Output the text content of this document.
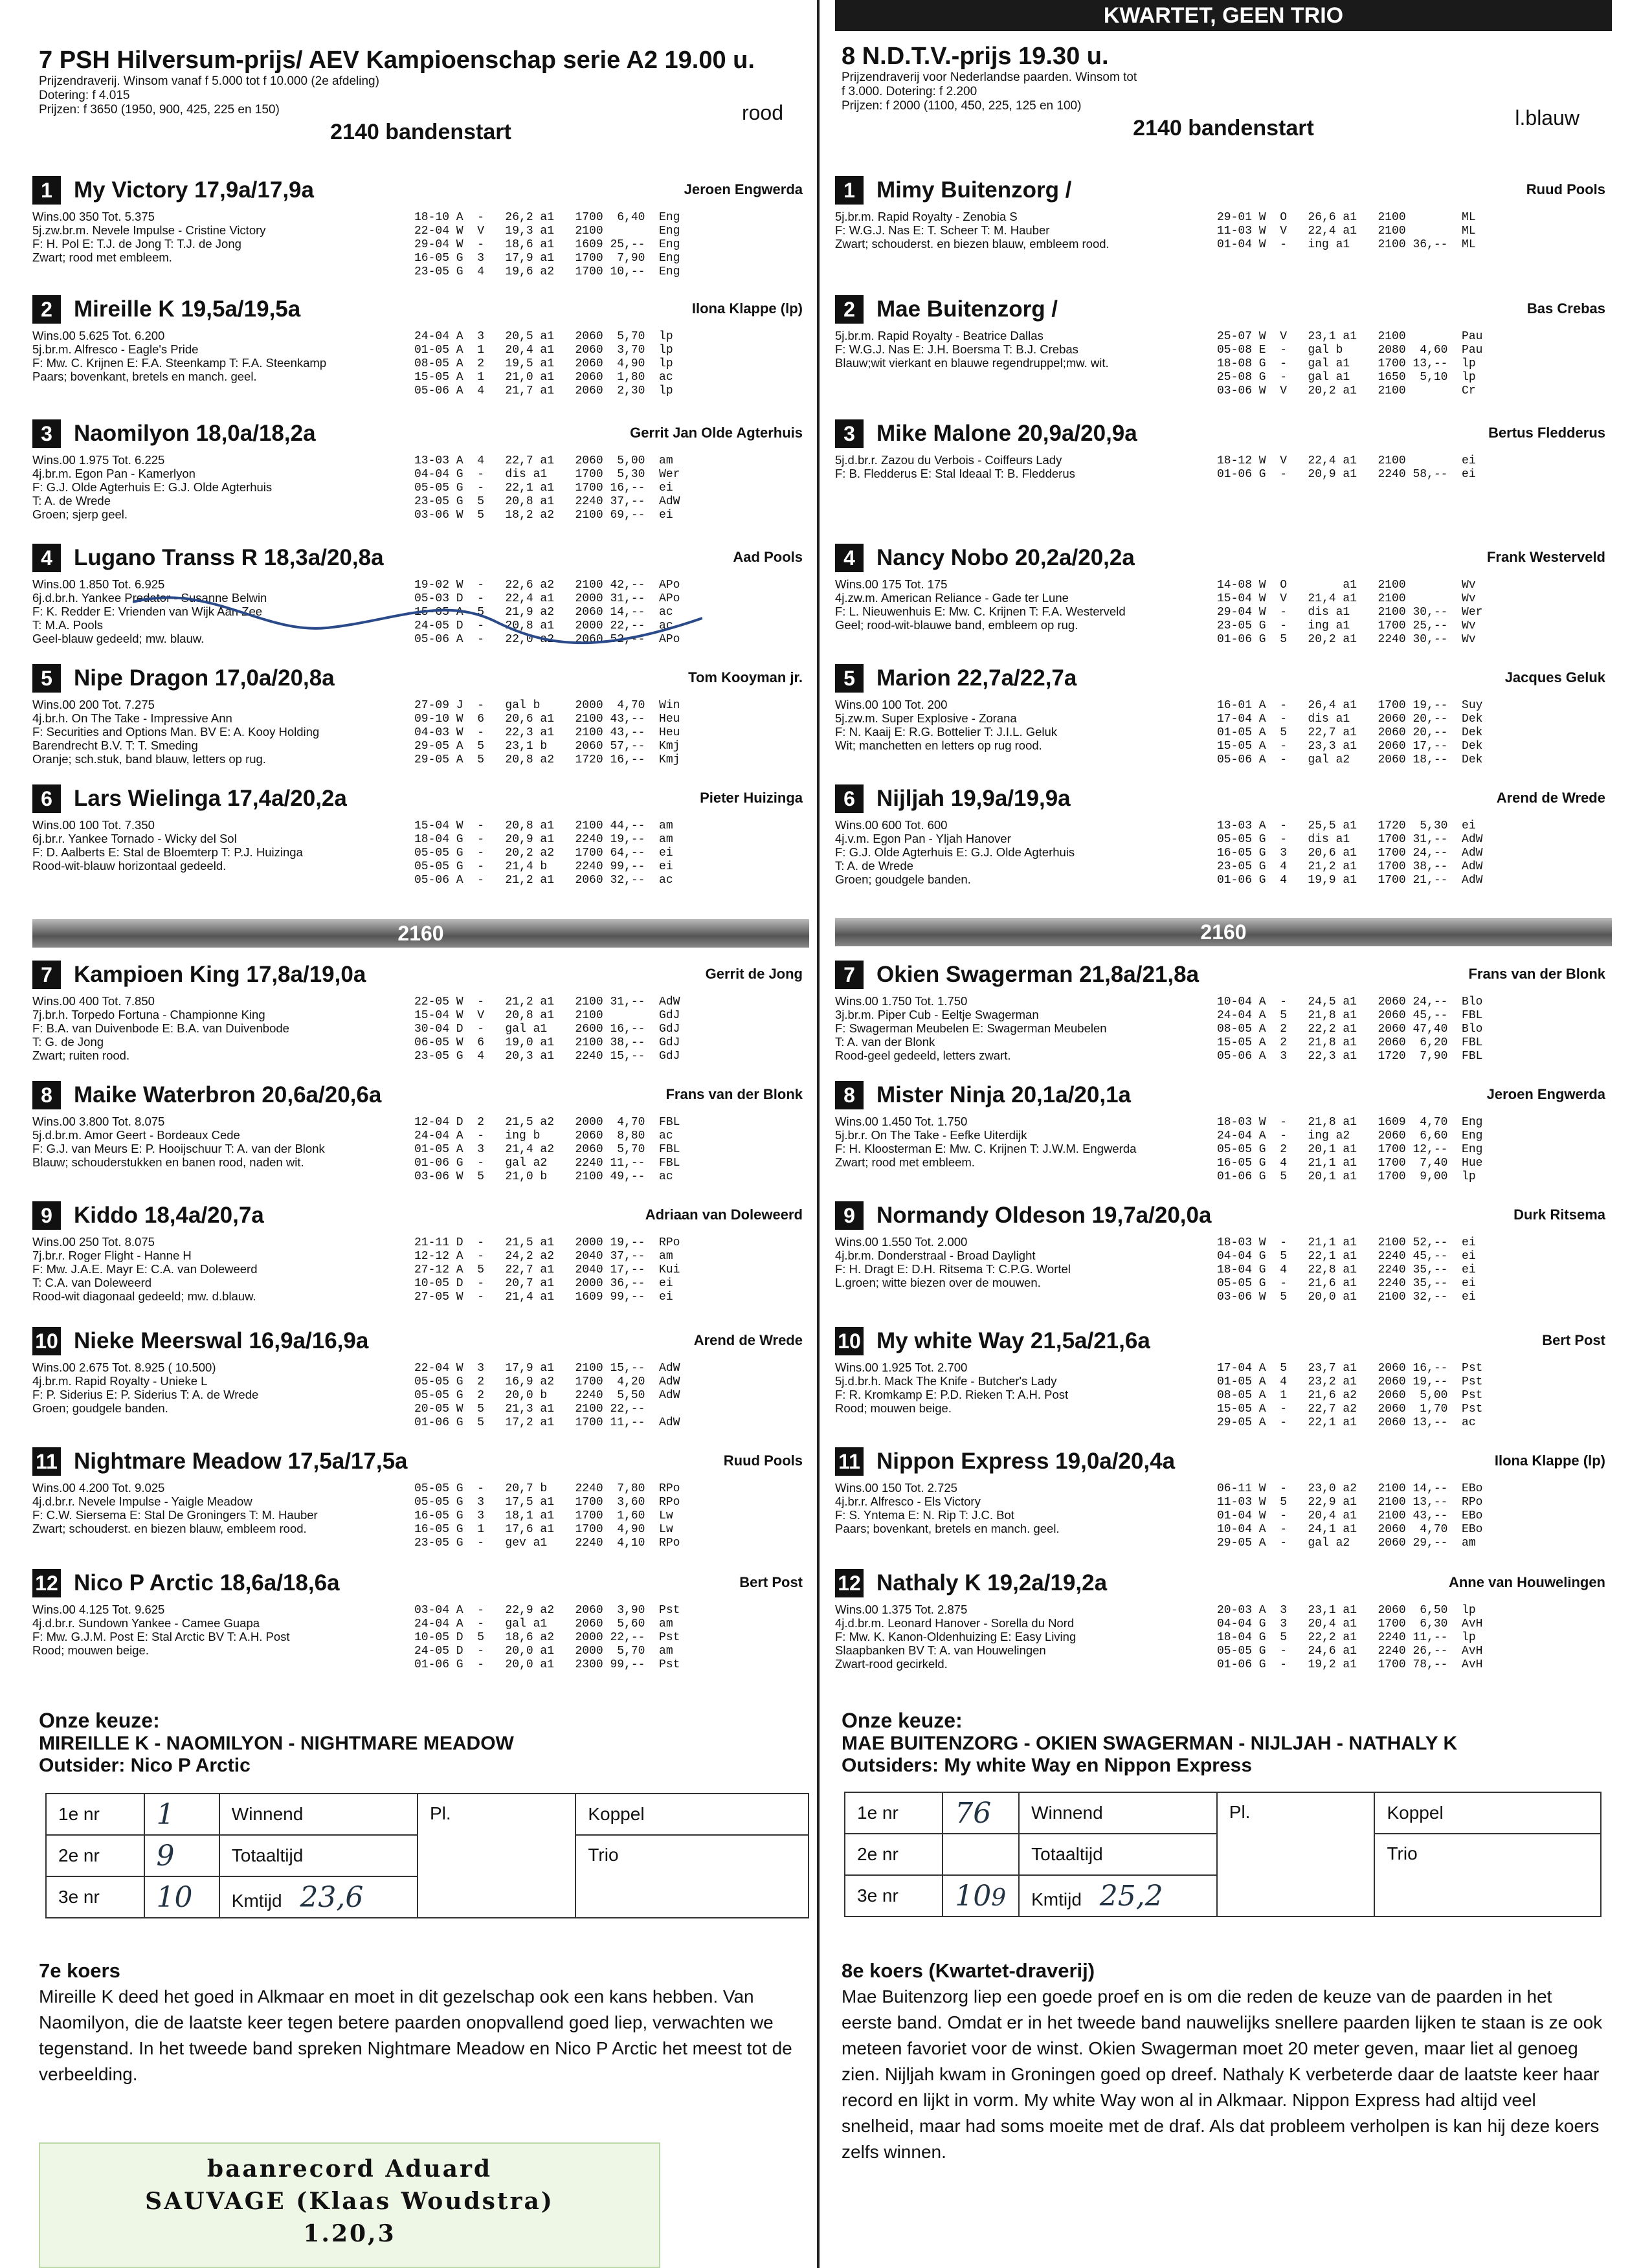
7 PSH Hilversum-prijs/ AEV Kampioenschap serie A2 19.00 u.
Prijzendraverij. Winsom vanaf f 5.000 tot f 10.000 (2e afdeling)
Dotering: f 4.015
Prijzen: f 3650 (1950, 900, 425, 225 en 150)	rood
2140 bandenstart
1 My Victory 17,9a/17,9a	Jeroen Engwerda
Wins.00 350 Tot. 5.375
5j.zw.br.m. Nevele Impulse - Cristine Victory
F: H. Pol E: T.J. de Jong T: T.J. de Jong
Zwart; rood met embleem.
18-10 A  -   26,2 a1   1700  6,40  Eng
22-04 W  V   19,3 a1   2100        Eng
29-04 W  -   18,6 a1   1609 25,--  Eng
16-05 G  3   17,9 a1   1700  7,90  Eng
23-05 G  4   19,6 a2   1700 10,--  Eng
2 Mireille K 19,5a/19,5a	Ilona Klappe (lp)
Wins.00 5.625 Tot. 6.200
5j.br.m. Alfresco - Eagle's Pride
F: Mw. C. Krijnen E: F.A. Steenkamp T: F.A. Steenkamp
Paars; bovenkant, bretels en manch. geel.
24-04 A  3   20,5 a1   2060  5,70  lp
01-05 A  1   20,4 a1   2060  3,70  lp
08-05 A  2   19,5 a1   2060  4,90  lp
15-05 A  1   21,0 a1   2060  1,80  ac
05-06 A  4   21,7 a1   2060  2,30  lp
3 Naomilyon 18,0a/18,2a	Gerrit Jan Olde Agterhuis
Wins.00 1.975 Tot. 6.225
4j.br.m. Egon Pan - Kamerlyon
F: G.J. Olde Agterhuis E: G.J. Olde Agterhuis
T: A. de Wrede
Groen; sjerp geel.
13-03 A  4   22,7 a1   2060  5,00  am
04-04 G  -   dis a1    1700  5,30  Wer
05-05 G  -   22,1 a1   1700 16,--  ei
23-05 G  5   20,8 a1   2240 37,--  AdW
03-06 W  5   18,2 a2   2100 69,--  ei
4 Lugano Transs R 18,3a/20,8a	Aad Pools
Wins.00 1.850 Tot. 6.925
6j.d.br.h. Yankee Predator - Susanne Belwin
F: K. Redder E: Vrienden van Wijk Aan Zee
T: M.A. Pools
Geel-blauw gedeeld; mw. blauw.
19-02 W  -   22,6 a2   2100 42,--  APo
05-03 D  -   22,4 a1   2000 31,--  APo
15-05 A  5   21,9 a2   2060 14,--  ac
24-05 D  -   20,8 a1   2000 22,--  ac
05-06 A  -   22,0 a2   2060 52,--  APo
5 Nipe Dragon 17,0a/20,8a	Tom Kooyman jr.
Wins.00 200 Tot. 7.275
4j.br.h. On The Take - Impressive Ann
F: Securities and Options Man. BV E: A. Kooy Holding
Barendrecht B.V. T: T. Smeding
Oranje; sch.stuk, band blauw, letters op rug.
27-09 J  -   gal b     2000  4,70  Win
09-10 W  6   20,6 a1   2100 43,--  Heu
04-03 W  -   22,3 a1   2100 43,--  Heu
29-05 A  5   23,1 b    2060 57,--  Kmj
29-05 A  5   20,8 a2   1720 16,--  Kmj
6 Lars Wielinga 17,4a/20,2a	Pieter Huizinga
Wins.00 100 Tot. 7.350
6j.br.r. Yankee Tornado - Wicky del Sol
F: D. Aalberts E: Stal de Bloemterp T: P.J. Huizinga
Rood-wit-blauw horizontaal gedeeld.
15-04 W  -   20,8 a1   2100 44,--  am
18-04 G  -   20,9 a1   2240 19,--  am
05-05 G  -   20,2 a2   1700 64,--  ei
05-05 G  -   21,4 b    2240 99,--  ei
05-06 A  -   21,2 a1   2060 32,--  ac
7 Kampioen King 17,8a/19,0a	Gerrit de Jong
Wins.00 400 Tot. 7.850
7j.br.h. Torpedo Fortuna - Championne King
F: B.A. van Duivenbode E: B.A. van Duivenbode
T: G. de Jong
Zwart; ruiten rood.
22-05 W  -   21,2 a1   2100 31,--  AdW
15-04 W  V   20,8 a1   2100        GdJ
30-04 D  -   gal a1    2600 16,--  GdJ
06-05 W  6   19,0 a1   2100 38,--  GdJ
23-05 G  4   20,3 a1   2240 15,--  GdJ
8 Maike Waterbron 20,6a/20,6a	Frans van der Blonk
Wins.00 3.800 Tot. 8.075
5j.d.br.m. Amor Geert - Bordeaux Cede
F: G.J. van Meurs E: P. Hooijschuur T: A. van der Blonk
Blauw; schouderstukken en banen rood, naden wit.
12-04 D  2   21,5 a2   2000  4,70  FBL
24-04 A  -   ing b     2060  8,80  ac
01-05 A  3   21,4 a2   2060  5,70  FBL
01-06 G  -   gal a2    2240 11,--  FBL
03-06 W  5   21,0 b    2100 49,--  ac
9 Kiddo 18,4a/20,7a	Adriaan van Doleweerd
Wins.00 250 Tot. 8.075
7j.br.r. Roger Flight - Hanne H
F: Mw. J.A.E. Mayr E: C.A. van Doleweerd
T: C.A. van Doleweerd
Rood-wit diagonaal gedeeld; mw. d.blauw.
21-11 D  -   21,5 a1   2000 19,--  RPo
12-12 A  -   24,2 a2   2040 37,--  am
27-12 A  5   22,7 a1   2040 17,--  Kui
10-05 D  -   20,7 a1   2000 36,--  ei
27-05 W  -   21,4 a1   1609 99,--  ei
10 Nieke Meerswal 16,9a/16,9a	Arend de Wrede
Wins.00 2.675 Tot. 8.925 ( 10.500)
4j.br.m. Rapid Royalty - Unieke L
F: P. Siderius E: P. Siderius T: A. de Wrede
Groen; goudgele banden.
22-04 W  3   17,9 a1   2100 15,--  AdW
05-05 G  2   16,9 a2   1700  4,20  AdW
05-05 G  2   20,0 b    2240  5,50  AdW
20-05 W  5   21,3 a1   2100 22,--
01-06 G  5   17,2 a1   1700 11,--  AdW
11 Nightmare Meadow 17,5a/17,5a	Ruud Pools
Wins.00 4.200 Tot. 9.025
4j.d.br.r. Nevele Impulse - Yaigle Meadow
F: C.W. Siersema E: Stal De Groningers T: M. Hauber
Zwart; schouderst. en biezen blauw, embleem rood.
05-05 G  -   20,7 b    2240  7,80  RPo
05-05 G  3   17,5 a1   1700  3,60  RPo
16-05 G  3   18,1 a1   1700  1,60  Lw
16-05 G  1   17,6 a1   1700  4,90  Lw
23-05 G  -   gev a1    2240  4,10  RPo
12 Nico P Arctic 18,6a/18,6a	Bert Post
Wins.00 4.125 Tot. 9.625
4j.d.br.r. Sundown Yankee - Camee Guapa
F: Mw. G.J.M. Post E: Stal Arctic BV T: A.H. Post
Rood; mouwen beige.
03-04 A  -   22,9 a2   2060  3,90  Pst
24-04 A  -   gal a1    2060  5,60  am
10-05 D  5   18,6 a2   2000 22,--  Pst
24-05 D  -   20,0 a1   2000  5,70  am
01-06 G  -   20,0 a1   2300 99,--  Pst
2160
Onze keuze:
MIREILLE K - NAOMILYON - NIGHTMARE MEADOW
Outsider: Nico P Arctic
1e nr	1	Winnend	Pl.	Koppel
2e nr	9	Totaaltijd		Trio
3e nr	10	Kmtijd 23,6		
7e koers
Mireille K deed het goed in Alkmaar en moet in dit gezelschap ook een kans hebben. Van Naomilyon, die de laatste keer tegen betere paarden onopvallend goed liep, verwachten we tegenstand. In het tweede band spreken Nightmare Meadow en Nico P Arctic het meest tot de verbeelding.
baanrecord Aduard
SAUVAGE (Klaas Woudstra)
1.20,3
KWARTET, GEEN TRIO
8 N.D.T.V.-prijs 19.30 u.
Prijzendraverij voor Nederlandse paarden. Winsom tot
f 3.000. Dotering: f 2.200
Prijzen: f 2000 (1100, 450, 225, 125 en 100)
l.blauw
2140 bandenstart
1 Mimy Buitenzorg /	Ruud Pools
5j.br.m. Rapid Royalty - Zenobia S
F: W.G.J. Nas E: T. Scheer T: M. Hauber
Zwart; schouderst. en biezen blauw, embleem rood.
29-01 W  O   26,6 a1   2100        ML
11-03 W  V   22,4 a1   2100        ML
01-04 W  -   ing a1    2100 36,--  ML
2 Mae Buitenzorg /	Bas Crebas
5j.br.m. Rapid Royalty - Beatrice Dallas
F: W.G.J. Nas E: J.H. Boersma T: B.J. Crebas
Blauw;wit vierkant en blauwe regendruppel;mw. wit.
25-07 W  V   23,1 a1   2100        Pau
05-08 E  -   gal b     2080  4,60  Pau
18-08 G  -   gal a1    1700 13,--  lp
25-08 G  -   gal a1    1650  5,10  lp
03-06 W  V   20,2 a1   2100        Cr
3 Mike Malone 20,9a/20,9a	Bertus Fledderus
5j.d.br.r. Zazou du Verbois - Coiffeurs Lady
F: B. Fledderus E: Stal Ideaal T: B. Fledderus
18-12 W  V   22,4 a1   2100        ei
01-06 G  -   20,9 a1   2240 58,--  ei
4 Nancy Nobo 20,2a/20,2a	Frank Westerveld
Wins.00 175 Tot. 175
4j.zw.m. American Reliance - Gade ter Lune
F: L. Nieuwenhuis E: Mw. C. Krijnen T: F.A. Westerveld
Geel; rood-wit-blauwe band, embleem op rug.
14-08 W  O        a1   2100        Wv
15-04 W  V   21,4 a1   2100        Wv
29-04 W  -   dis a1    2100 30,--  Wer
23-05 G  -   ing a1    1700 25,--  Wv
01-06 G  5   20,2 a1   2240 30,--  Wv
5 Marion 22,7a/22,7a	Jacques Geluk
Wins.00 100 Tot. 200
5j.zw.m. Super Explosive - Zorana
F: N. Kaaij E: R.G. Bottelier T: J.I.L. Geluk
Wit; manchetten en letters op rug rood.
16-01 A  -   26,4 a1   1700 19,--  Suy
17-04 A  -   dis a1    2060 20,--  Dek
01-05 A  5   22,7 a1   2060 20,--  Dek
15-05 A  -   23,3 a1   2060 17,--  Dek
05-06 A  -   gal a2    2060 18,--  Dek
6 Nijljah 19,9a/19,9a	Arend de Wrede
Wins.00 600 Tot. 600
4j.v.m. Egon Pan - Yljah Hanover
F: G.J. Olde Agterhuis E: G.J. Olde Agterhuis
T: A. de Wrede
Groen; goudgele banden.
13-03 A  -   25,5 a1   1720  5,30  ei
05-05 G  -   dis a1    1700 31,--  AdW
16-05 G  3   20,6 a1   1700 24,--  AdW
23-05 G  4   21,2 a1   1700 38,--  AdW
01-06 G  4   19,9 a1   1700 21,--  AdW
7 Okien Swagerman 21,8a/21,8a	Frans van der Blonk
Wins.00 1.750 Tot. 1.750
3j.br.m. Piper Cub - Eeltje Swagerman
F: Swagerman Meubelen E: Swagerman Meubelen
T: A. van der Blonk
Rood-geel gedeeld, letters zwart.
10-04 A  -   24,5 a1   2060 24,--  Blo
24-04 A  5   21,8 a1   2060 45,--  FBL
08-05 A  2   22,2 a1   2060 47,40  Blo
15-05 A  2   21,8 a1   2060  6,20  FBL
05-06 A  3   22,3 a1   1720  7,90  FBL
8 Mister Ninja 20,1a/20,1a	Jeroen Engwerda
Wins.00 1.450 Tot. 1.750
5j.br.r. On The Take - Eefke Uiterdijk
F: H. Kloosterman E: Mw. C. Krijnen T: J.W.M. Engwerda
Zwart; rood met embleem.
18-03 W  -   21,8 a1   1609  4,70  Eng
24-04 A  -   ing a2    2060  6,60  Eng
05-05 G  2   20,1 a1   1700 12,--  Eng
16-05 G  4   21,1 a1   1700  7,40  Hue
01-06 G  5   20,1 a1   1700  9,00  lp
9 Normandy Oldeson 19,7a/20,0a	Durk Ritsema
Wins.00 1.550 Tot. 2.000
4j.br.m. Donderstraal - Broad Daylight
F: H. Dragt E: D.H. Ritsema T: C.P.G. Wortel
L.groen; witte biezen over de mouwen.
18-03 W  -   21,1 a1   2100 52,--  ei
04-04 G  5   22,1 a1   2240 45,--  ei
18-04 G  4   22,8 a1   2240 35,--  ei
05-05 G  -   21,6 a1   2240 35,--  ei
03-06 W  5   20,0 a1   2100 32,--  ei
10 My white Way 21,5a/21,6a	Bert Post
Wins.00 1.925 Tot. 2.700
5j.d.br.h. Mack The Knife - Butcher's Lady
F: R. Kromkamp E: P.D. Rieken T: A.H. Post
Rood; mouwen beige.
17-04 A  5   23,7 a1   2060 16,--  Pst
01-05 A  4   23,2 a1   2060 19,--  Pst
08-05 A  1   21,6 a2   2060  5,00  Pst
15-05 A  -   22,7 a2   2060  1,70  Pst
29-05 A  -   22,1 a1   2060 13,--  ac
11 Nippon Express 19,0a/20,4a	Ilona Klappe (lp)
Wins.00 150 Tot. 2.725
4j.br.r. Alfresco - Els Victory
F: S. Yntema E: N. Rip T: J.C. Bot
Paars; bovenkant, bretels en manch. geel.
06-11 W  -   23,0 a2   2100 14,--  EBo
11-03 W  5   22,9 a1   2100 13,--  RPo
01-04 W  -   20,4 a1   2100 43,--  EBo
10-04 A  -   24,1 a1   2060  4,70  EBo
29-05 A  -   gal a2    2060 29,--  am
12 Nathaly K 19,2a/19,2a	Anne van Houwelingen
Wins.00 1.375 Tot. 2.875
4j.d.br.m. Leonard Hanover - Sorella du Nord
F: Mw. K. Kanon-Oldenhuizing E: Easy Living
Slaapbanken BV T: A. van Houwelingen
Zwart-rood gecirkeld.
20-03 A  3   23,1 a1   2060  6,50  lp
04-04 G  3   20,4 a1   1700  6,30  AvH
18-04 G  5   22,2 a1   2240 11,--  lp
05-05 G  -   24,6 a1   2240 26,--  AvH
01-06 G  -   19,2 a1   1700 78,--  AvH
2160
Onze keuze:
MAE BUITENZORG - OKIEN SWAGERMAN - NIJLJAH - NATHALY K
Outsiders: My white Way en Nippon Express
1e nr	76	Winnend	Pl.	Koppel
2e nr		Totaaltijd		Trio
3e nr	109	Kmtijd 25,2		
8e koers (Kwartet-draverij)
Mae Buitenzorg liep een goede proef en is om die reden de keuze van de paarden in het eerste band. Omdat er in het tweede band nauwelijks snellere paarden lijken te staan is ze ook meteen favoriet voor de winst. Okien Swagerman moet 20 meter geven, maar liet al genoeg zien. Nijljah kwam in Groningen goed op dreef. Nathaly K verbeterde daar de laatste keer haar record en lijkt in vorm. My white Way won al in Alkmaar. Nippon Express had altijd veel snelheid, maar had soms moeite met de draf. Als dat probleem verholpen is kan hij deze koers zelfs winnen.
